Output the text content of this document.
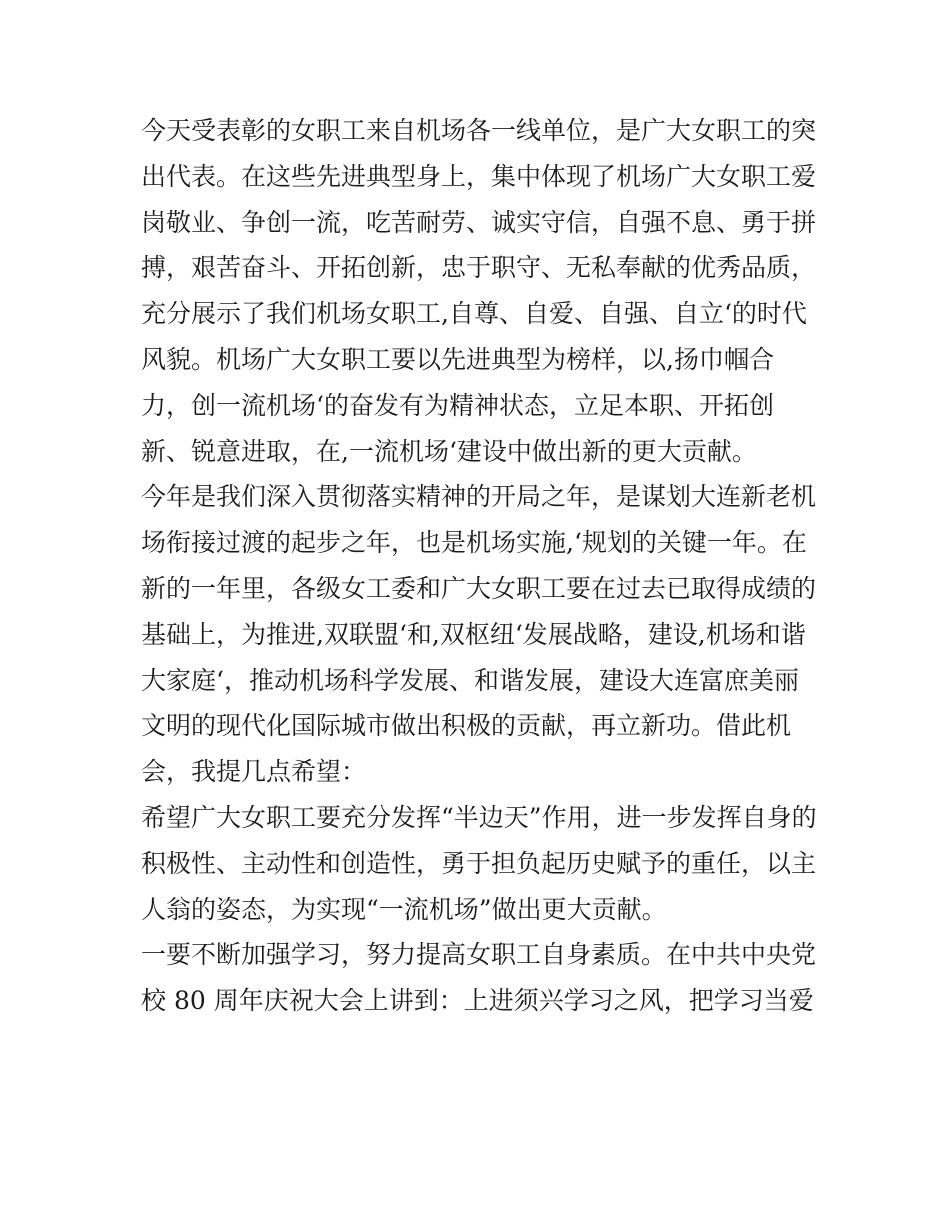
今天受表彰的女职工来自机场各一线单位，是广大女职工的突
出代表。在这些先进典型身上，集中体现了机场广大女职工爱
岗敬业、争创一流，吃苦耐劳、诚实守信，自强不息、勇于拼
搏，艰苦奋斗、开拓创新，忠于职守、无私奉献的优秀品质，
充分展示了我们机场女职工,自尊、自爱、自强、自立‘的时代
风貌。机场广大女职工要以先进典型为榜样，以,扬巾帼合
力，创一流机场‘的奋发有为精神状态，立足本职、开拓创
新、锐意进取，在,一流机场‘建设中做出新的更大贡献。
今年是我们深入贯彻落实精神的开局之年，是谋划大连新老机
场衔接过渡的起步之年，也是机场实施,‘规划的关键一年。在
新的一年里，各级女工委和广大女职工要在过去已取得成绩的
基础上，为推进,双联盟‘和,双枢纽‘发展战略，建设,机场和谐
大家庭‘，推动机场科学发展、和谐发展，建设大连富庶美丽
文明的现代化国际城市做出积极的贡献，再立新功。借此机
会，我提几点希望：
希望广大女职工要充分发挥“半边天”作用，进一步发挥自身的
积极性、主动性和创造性，勇于担负起历史赋予的重任，以主
人翁的姿态，为实现“一流机场”做出更大贡献。
一要不断加强学习，努力提高女职工自身素质。在中共中央党
校 80 周年庆祝大会上讲到：上进须兴学习之风，把学习当爱
